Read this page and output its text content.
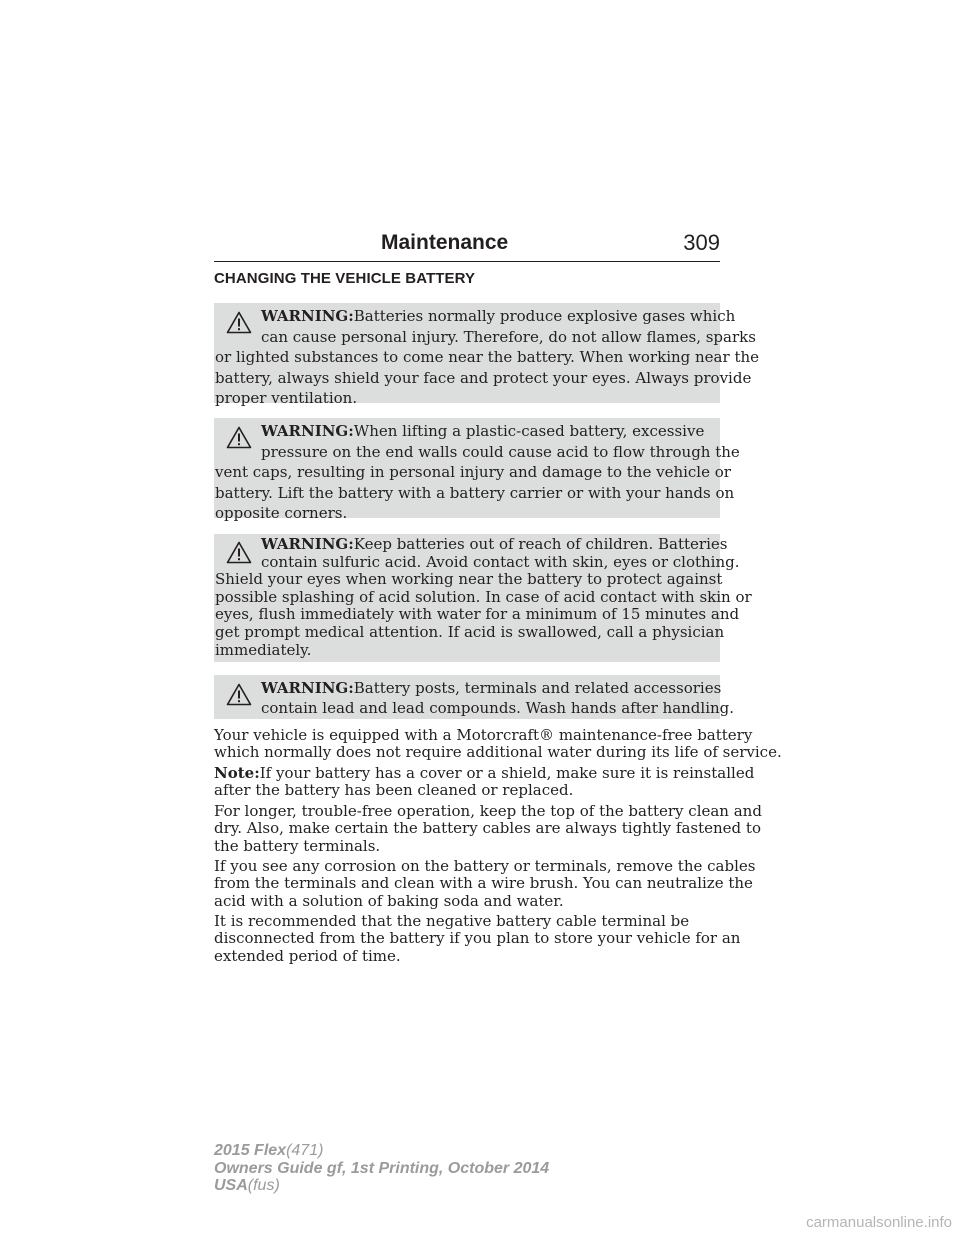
Maintenance	309
CHANGING THE VEHICLE BATTERY
WARNING:Batteries normally produce explosive gases which
can cause personal injury. Therefore, do not allow flames, sparks
or lighted substances to come near the battery. When working near the
battery, always shield your face and protect your eyes. Always provide
proper ventilation.
WARNING:When lifting a plastic-cased battery, excessive
pressure on the end walls could cause acid to flow through the
vent caps, resulting in personal injury and damage to the vehicle or
battery. Lift the battery with a battery carrier or with your hands on
opposite corners.
WARNING:Keep batteries out of reach of children. Batteries
contain sulfuric acid. Avoid contact with skin, eyes or clothing.
Shield your eyes when working near the battery to protect against
possible splashing of acid solution. In case of acid contact with skin or
eyes, flush immediately with water for a minimum of 15 minutes and
get prompt medical attention. If acid is swallowed, call a physician
immediately.
WARNING:Battery posts, terminals and related accessories
contain lead and lead compounds. Wash hands after handling.
Your vehicle is equipped with a Motorcraft® maintenance-free battery
which normally does not require additional water during its life of service.
Note:If your battery has a cover or a shield, make sure it is reinstalled
after the battery has been cleaned or replaced.
For longer, trouble-free operation, keep the top of the battery clean and
dry. Also, make certain the battery cables are always tightly fastened to
the battery terminals.
If you see any corrosion on the battery or terminals, remove the cables
from the terminals and clean with a wire brush. You can neutralize the
acid with a solution of baking soda and water.
It is recommended that the negative battery cable terminal be
disconnected from the battery if you plan to store your vehicle for an
extended period of time.
2015 Flex(471)
Owners Guide gf, 1st Printing, October 2014
USA(fus)
carmanualsonline.info
